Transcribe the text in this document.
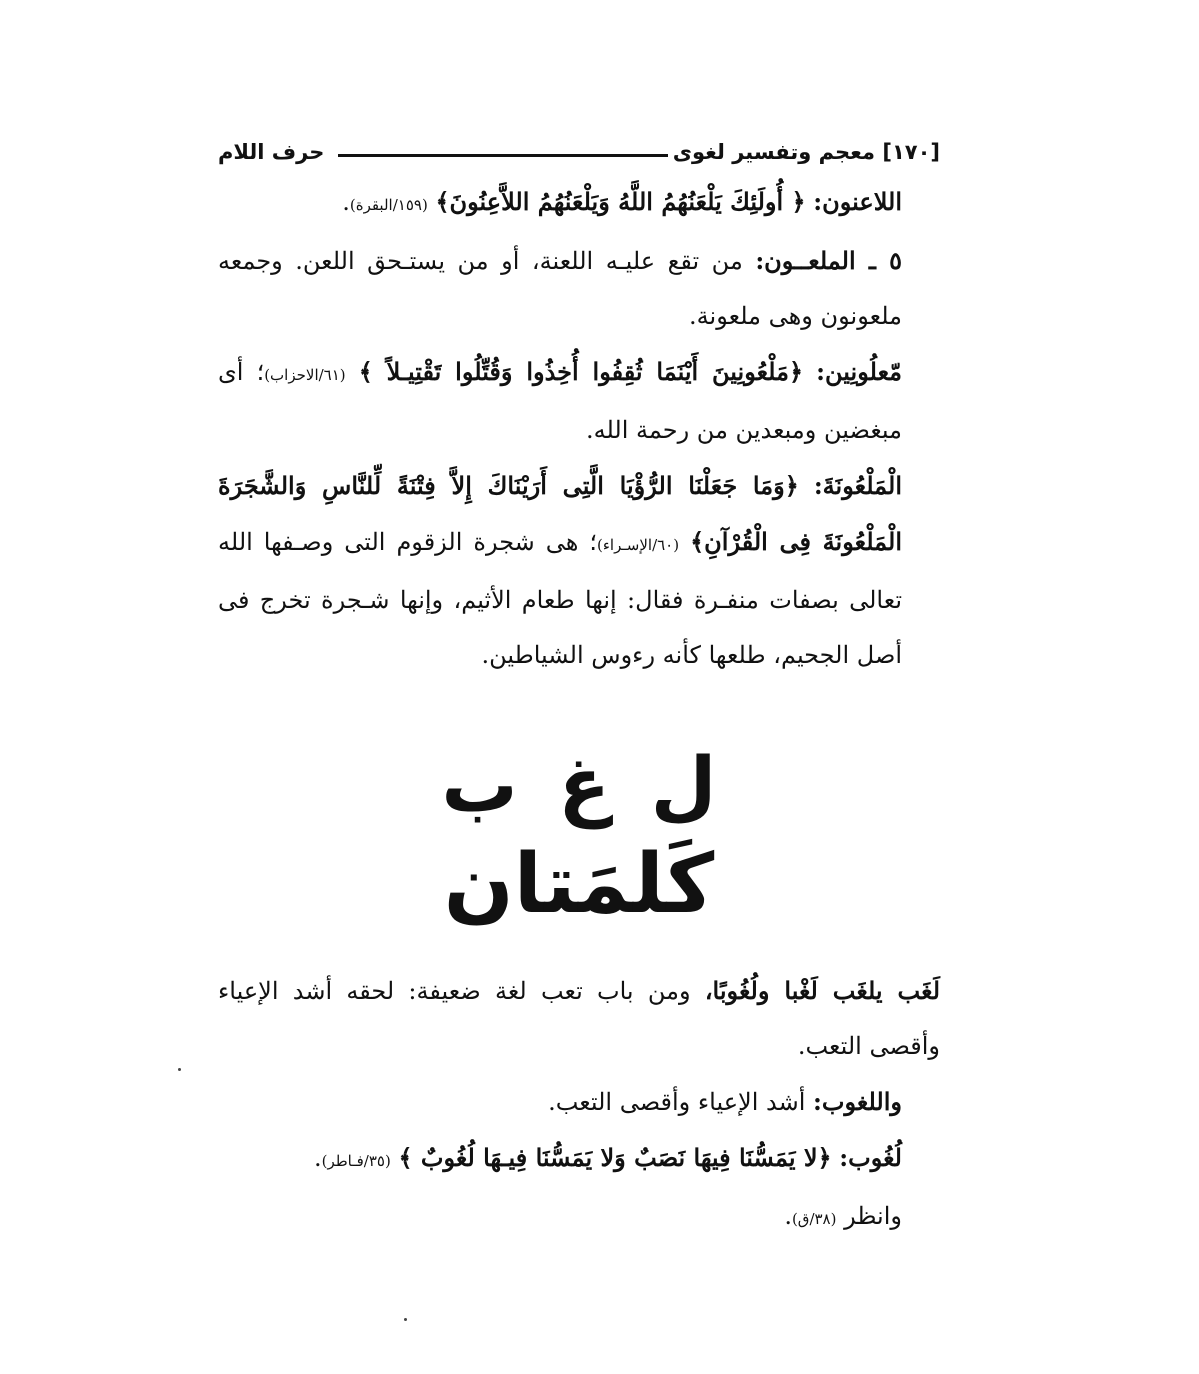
[١٧٠] معجم وتفسير لغوى
حرف اللام

اللاعنون: ﴿ أُولَئِكَ يَلْعَنُهُمُ اللَّهُ وَيَلْعَنُهُمُ اللاَّعِنُونَ﴾ (١٥٩/البقرة).

٥ ـ الملعــون: من تقع عليـه اللعنة، أو من يستـحق اللعن. وجمعه ملعونون وهى ملعونة.

مّعلُونِين: ﴿مَلْعُونِينَ أَيْنَمَا ثُقِفُوا أُخِذُوا وَقُتِّلُوا تَقْتِيـلاً ﴾ (٦١/الاحزاب)؛ أى مبغضين ومبعدين من رحمة الله.

الْمَلْعُونَةَ: ﴿وَمَا جَعَلْنَا الرُّؤْيَا الَّتِى أَرَيْنَاكَ إِلاَّ فِتْنَةً لِّلنَّاسِ وَالشَّجَرَةَ الْمَلْعُونَةَ فِى الْقُرْآنِ﴾ (٦٠/الإسـراء)؛ هى شجرة الزقوم التى وصـفها الله تعالى بصفات منفـرة فقال: إنها طعام الأثيم، وإنها شـجرة تخرج فى أصل الجحيم، طلعها كأنه رءوس الشياطين.

ل غ ب
كَلمَتان

لَغَب يلغَب لَغْبا ولُغُوبًا، ومن باب تعب لغة ضعيفة: لحقه أشد الإعياء وأقصى التعب.

واللغوب: أشد الإعياء وأقصى التعب.

لُغُوب: ﴿لا يَمَسُّنَا فِيهَا نَصَبٌ وَلا يَمَسُّنَا فِيـهَا لُغُوبٌ ﴾ (٣٥/فـاطر).

وانظر (٣٨/ق).
